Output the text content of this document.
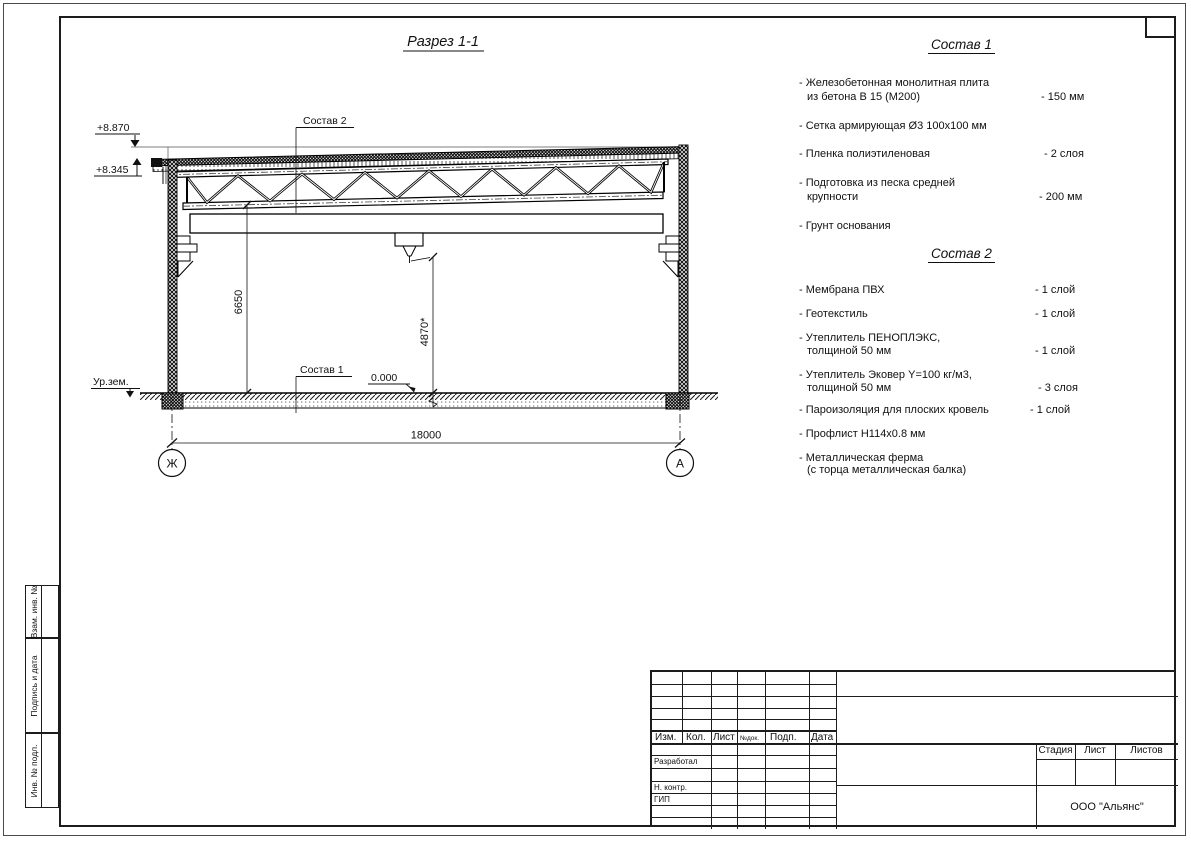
Разрез 1-1
+8.870
+8.345
Ур.зем.	0.000
Состав 2
Состав 1
6650
4870*
18000
Ж	А
Состав 1
- Железобетонная монолитная плита
из бетона В 15 (М200)	- 150 мм
- Сетка армирующая Ø3 100х100 мм
- Пленка полиэтиленовая	- 2 слоя
- Подготовка из песка средней
крупности	- 200 мм
- Грунт основания
Состав 2
- Мембрана ПВХ	- 1 слой
- Геотекстиль	- 1 слой
- Утеплитель ПЕНОПЛЭКС,
толщиной 50 мм	- 1 слой
- Утеплитель Эковер Y=100 кг/м3,
толщиной 50 мм	- 3 слоя
- Пароизоляция для плоских кровель	- 1 слой
- Профлист Н114х0.8 мм
- Металлическая ферма
(с торца металлическая балка)
Взам. инв. №
Подпись и дата
Инв. № подл.
Изм. Кол. Лист №док. Подп. Дата
Разработал
Н. контр.
ГИП
Стадия	Лист	Листов
ООО "Альянс"
